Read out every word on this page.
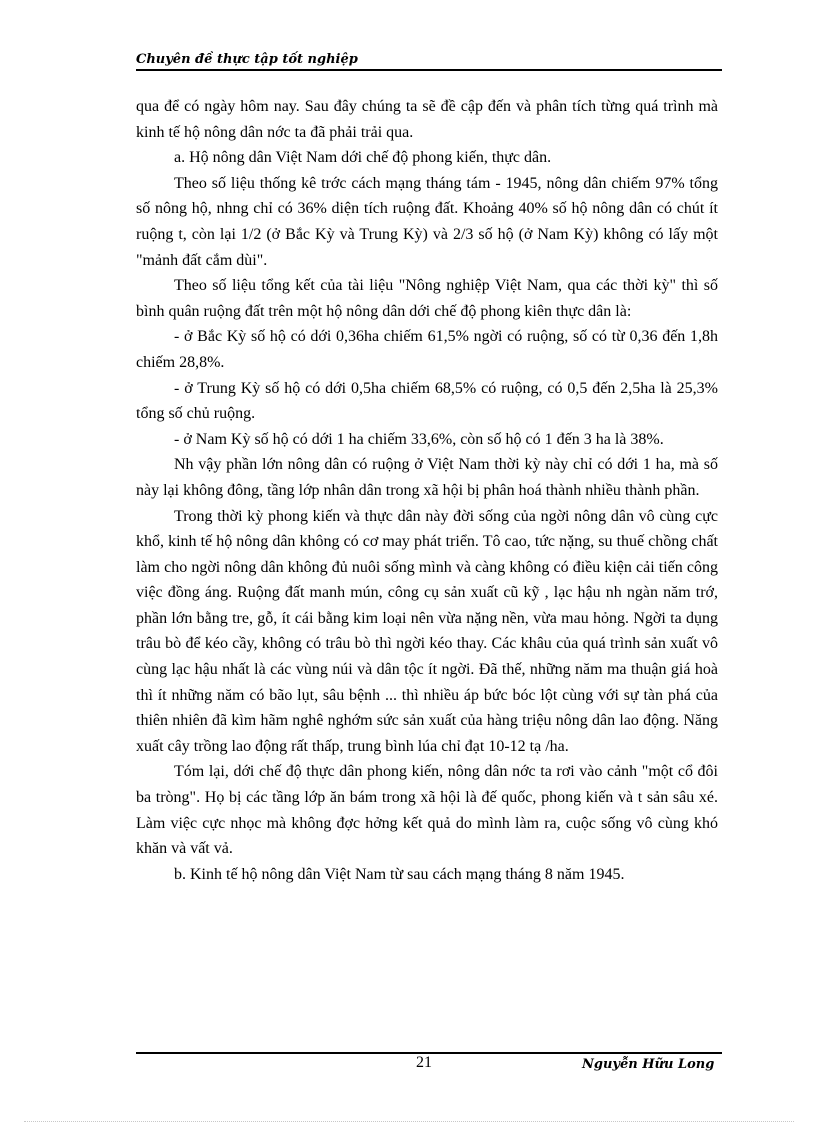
Chuyên đề thực tập tốt nghiệp

qua để có ngày hôm nay. Sau đây chúng ta sẽ đề cập đến và phân tích từng quá trình mà kinh tế hộ nông dân nớc ta đã phải trải qua.

a. Hộ nông dân Việt Nam dới chế độ phong kiến, thực dân.

Theo số liệu thống kê trớc cách mạng tháng tám - 1945, nông dân chiếm 97% tổng số nông hộ, nhng chỉ có 36% diện tích ruộng đất. Khoảng 40% số hộ nông dân có chút ít ruộng t, còn lại 1/2 (ở Bắc Kỳ và Trung Kỳ) và 2/3 số hộ (ở Nam Kỳ) không có lấy một "mảnh đất cắm dùi".

Theo số liệu tổng kết của tài liệu "Nông nghiệp Việt Nam, qua các thời kỳ" thì số bình quân ruộng đất trên một hộ nông dân dới chế độ phong kiên thực dân là:

- ở Bắc Kỳ số hộ có dới 0,36ha chiếm 61,5% ngời có ruộng, số có từ 0,36 đến 1,8h chiếm 28,8%.

- ở Trung Kỳ số hộ có dới 0,5ha chiếm 68,5% có ruộng, có 0,5 đến 2,5ha là 25,3% tổng số chủ ruộng.

- ở Nam Kỳ số hộ có dới 1 ha chiếm 33,6%, còn số hộ có 1 đến 3 ha là 38%.

Nh vậy phần lớn nông dân có ruộng ở Việt Nam thời kỳ này chỉ có dới 1 ha, mà số này lại không đông, tầng lớp nhân dân trong xã hội bị phân hoá thành nhiều thành phần.

Trong thời kỳ phong kiến và thực dân này đời sống của ngời nông dân vô cùng cực khổ, kinh tế hộ nông dân không có cơ may phát triển. Tô cao, tức nặng, su thuế chồng chất làm cho ngời nông dân không đủ nuôi sống mình và càng không có điều kiện cải tiến công việc đồng áng. Ruộng đất manh mún, công cụ sản xuất cũ kỹ , lạc hậu nh ngàn năm trớ, phần lớn bằng tre, gỗ, ít cái bằng kim loại nên vừa nặng nền, vừa mau hỏng. Ngời ta dụng trâu bò để kéo cầy, không có trâu bò thì ngời kéo thay. Các khâu của quá trình sản xuất vô cùng lạc hậu nhất là các vùng núi và dân tộc ít ngời. Đã thế, những năm ma thuận giá hoà thì ít những năm có bão lụt, sâu bệnh ... thì nhiều áp bức bóc lột cùng với sự tàn phá của thiên nhiên đã kìm hãm nghê nghớm sức sản xuất của hàng triệu nông dân lao động. Năng xuất cây trồng lao động rất thấp, trung bình lúa chỉ đạt 10-12 tạ /ha.

Tóm lại, dới chế độ thực dân phong kiến, nông dân nớc ta rơi vào cảnh "một cổ đôi ba tròng". Họ bị các tầng lớp ăn bám trong xã hội là đế quốc, phong kiến và t sản sâu xé. Làm việc cực nhọc mà không đợc hởng kết quả do mình làm ra, cuộc sống vô cùng khó khăn và vất vả.

b. Kinh tế hộ nông dân Việt Nam từ sau cách mạng tháng 8 năm 1945.

21	Nguyễn Hữu Long
